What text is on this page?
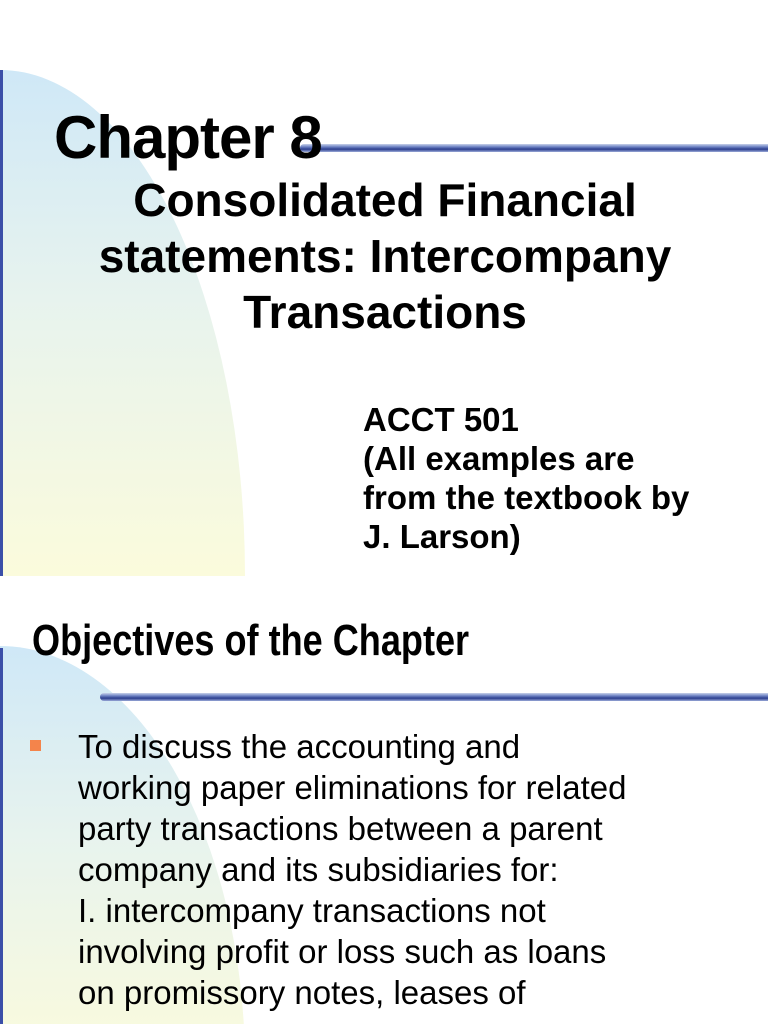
Chapter 8
Consolidated Financial
statements: Intercompany
Transactions
ACCT 501
(All examples are
from the textbook by
J. Larson)
Objectives of the Chapter

To discuss the accounting and
working paper eliminations for related
party transactions between a parent
company and its subsidiaries for:

I. intercompany transactions not
involving profit or loss such as loans
on promissory notes, leases of
